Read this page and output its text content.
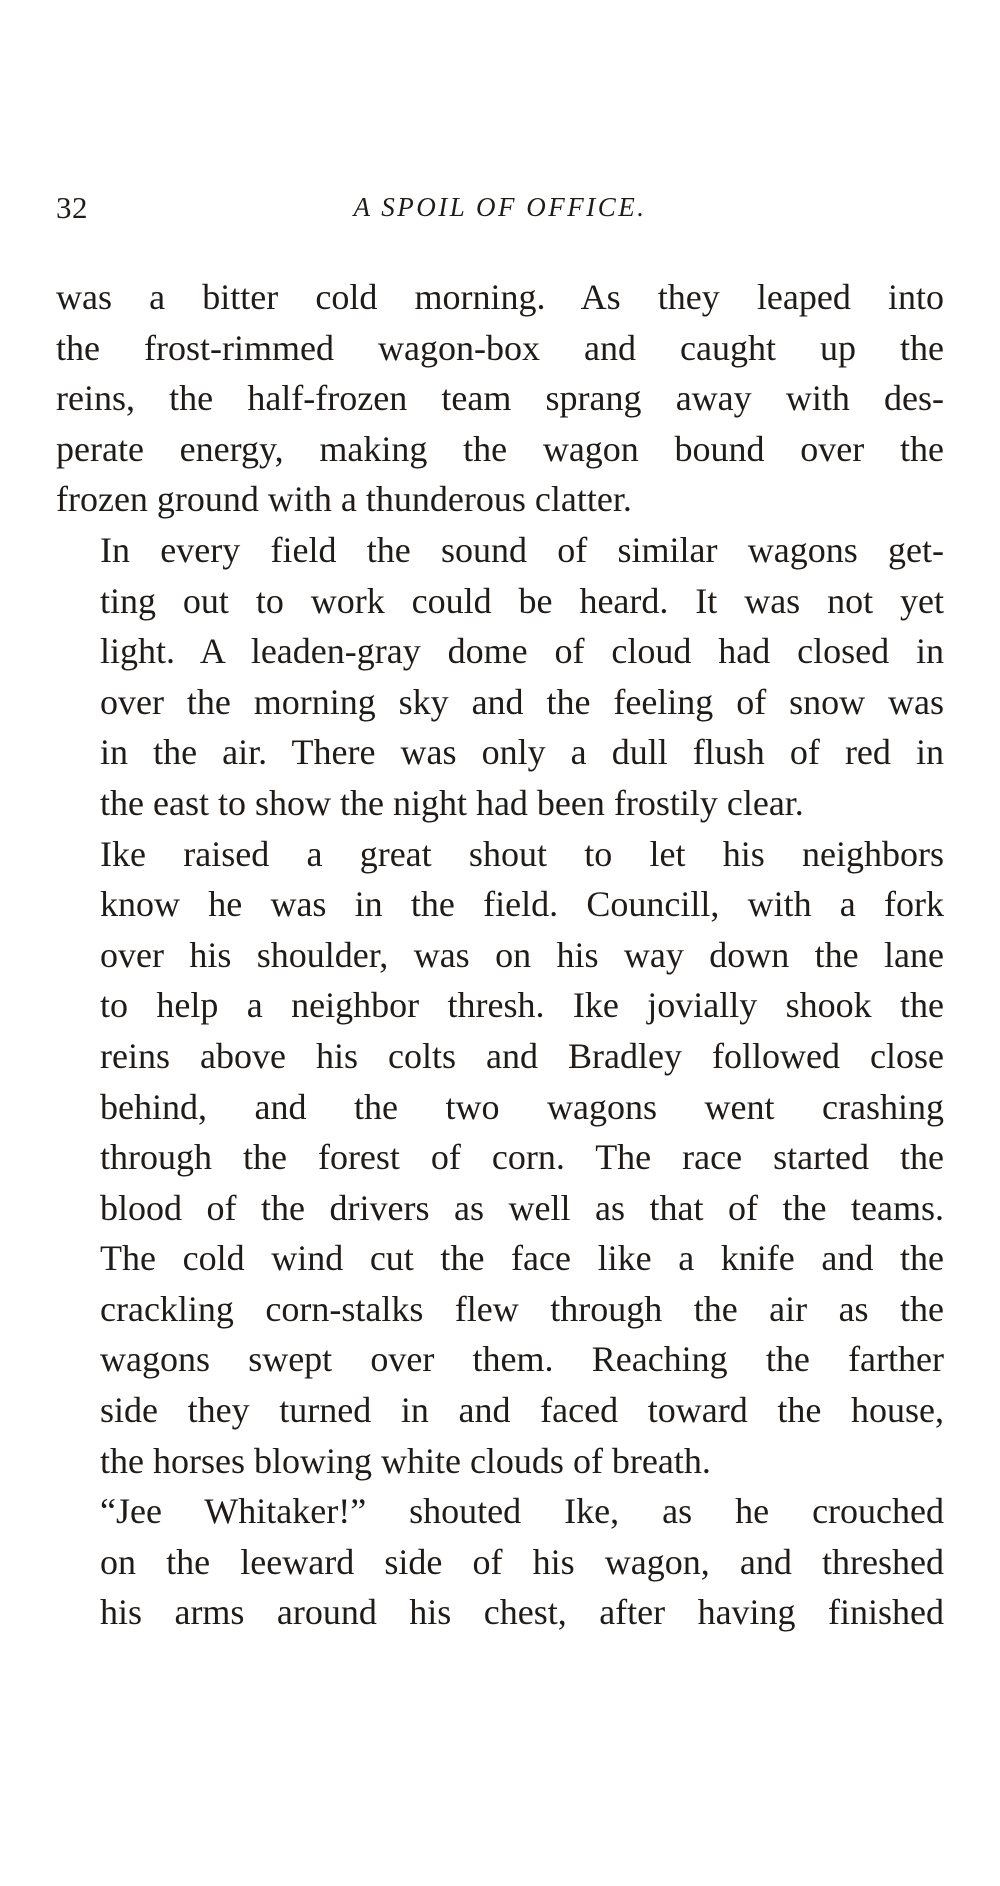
32	A SPOIL OF OFFICE.
was a bitter cold morning. As they leaped into
the frost-rimmed wagon-box and caught up the
reins, the half-frozen team sprang away with des-
perate energy, making the wagon bound over the
frozen ground with a thunderous clatter.
In every field the sound of similar wagons get-
ting out to work could be heard. It was not yet
light. A leaden-gray dome of cloud had closed in
over the morning sky and the feeling of snow was
in the air. There was only a dull flush of red in
the east to show the night had been frostily clear.
Ike raised a great shout to let his neighbors
know he was in the field. Councill, with a fork
over his shoulder, was on his way down the lane
to help a neighbor thresh. Ike jovially shook the
reins above his colts and Bradley followed close
behind, and the two wagons went crashing
through the forest of corn. The race started the
blood of the drivers as well as that of the teams.
The cold wind cut the face like a knife and the
crackling corn-stalks flew through the air as the
wagons swept over them. Reaching the farther
side they turned in and faced toward the house,
the horses blowing white clouds of breath.
“Jee Whitaker!” shouted Ike, as he crouched
on the leeward side of his wagon, and threshed
his arms around his chest, after having finished
